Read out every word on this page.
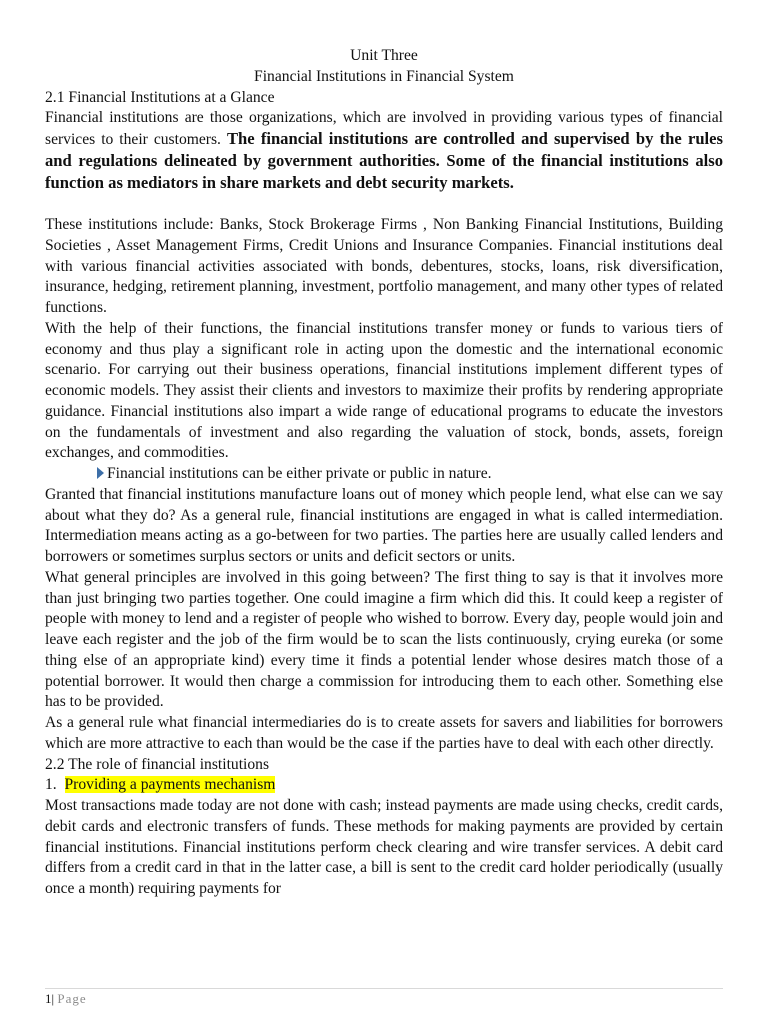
Unit Three
Financial Institutions in Financial System
2.1 Financial Institutions at a Glance

Financial institutions are those organizations, which are involved in providing various types of financial services to their customers. The financial institutions are controlled and supervised by the rules and regulations delineated by government authorities. Some of the financial institutions also function as mediators in share markets and debt security markets.

These institutions include: Banks, Stock Brokerage Firms , Non Banking Financial Institutions, Building Societies , Asset Management Firms, Credit Unions and Insurance Companies. Financial institutions deal with various financial activities associated with bonds, debentures, stocks, loans, risk diversification, insurance, hedging, retirement planning, investment, portfolio management, and many other types of related functions.

With the help of their functions, the financial institutions transfer money or funds to various tiers of economy and thus play a significant role in acting upon the domestic and the international economic scenario. For carrying out their business operations, financial institutions implement different types of economic models. They assist their clients and investors to maximize their profits by rendering appropriate guidance. Financial institutions also impart a wide range of educational programs to educate the investors on the fundamentals of investment and also regarding the valuation of stock, bonds, assets, foreign exchanges, and commodities.

Financial institutions can be either private or public in nature.

Granted that financial institutions manufacture loans out of money which people lend, what else can we say about what they do? As a general rule, financial institutions are engaged in what is called intermediation. Intermediation means acting as a go-between for two parties. The parties here are usually called lenders and borrowers or sometimes surplus sectors or units and deficit sectors or units.

What general principles are involved in this going between? The first thing to say is that it involves more than just bringing two parties together. One could imagine a firm which did this. It could keep a register of people with money to lend and a register of people who wished to borrow. Every day, people would join and leave each register and the job of the firm would be to scan the lists continuously, crying eureka (or some thing else of an appropriate kind) every time it finds a potential lender whose desires match those of a potential borrower. It would then charge a commission for introducing them to each other. Something else has to be provided.

As a general rule what financial intermediaries do is to create assets for savers and liabilities for borrowers which are more attractive to each than would be the case if the parties have to deal with each other directly.

2.2 The role of financial institutions
1. Providing a payments mechanism

Most transactions made today are not done with cash; instead payments are made using checks, credit cards, debit cards and electronic transfers of funds. These methods for making payments are provided by certain financial institutions. Financial institutions perform check clearing and wire transfer services. A debit card differs from a credit card in that in the latter case, a bill is sent to the credit card holder periodically (usually once a month) requiring payments for

1| Page
